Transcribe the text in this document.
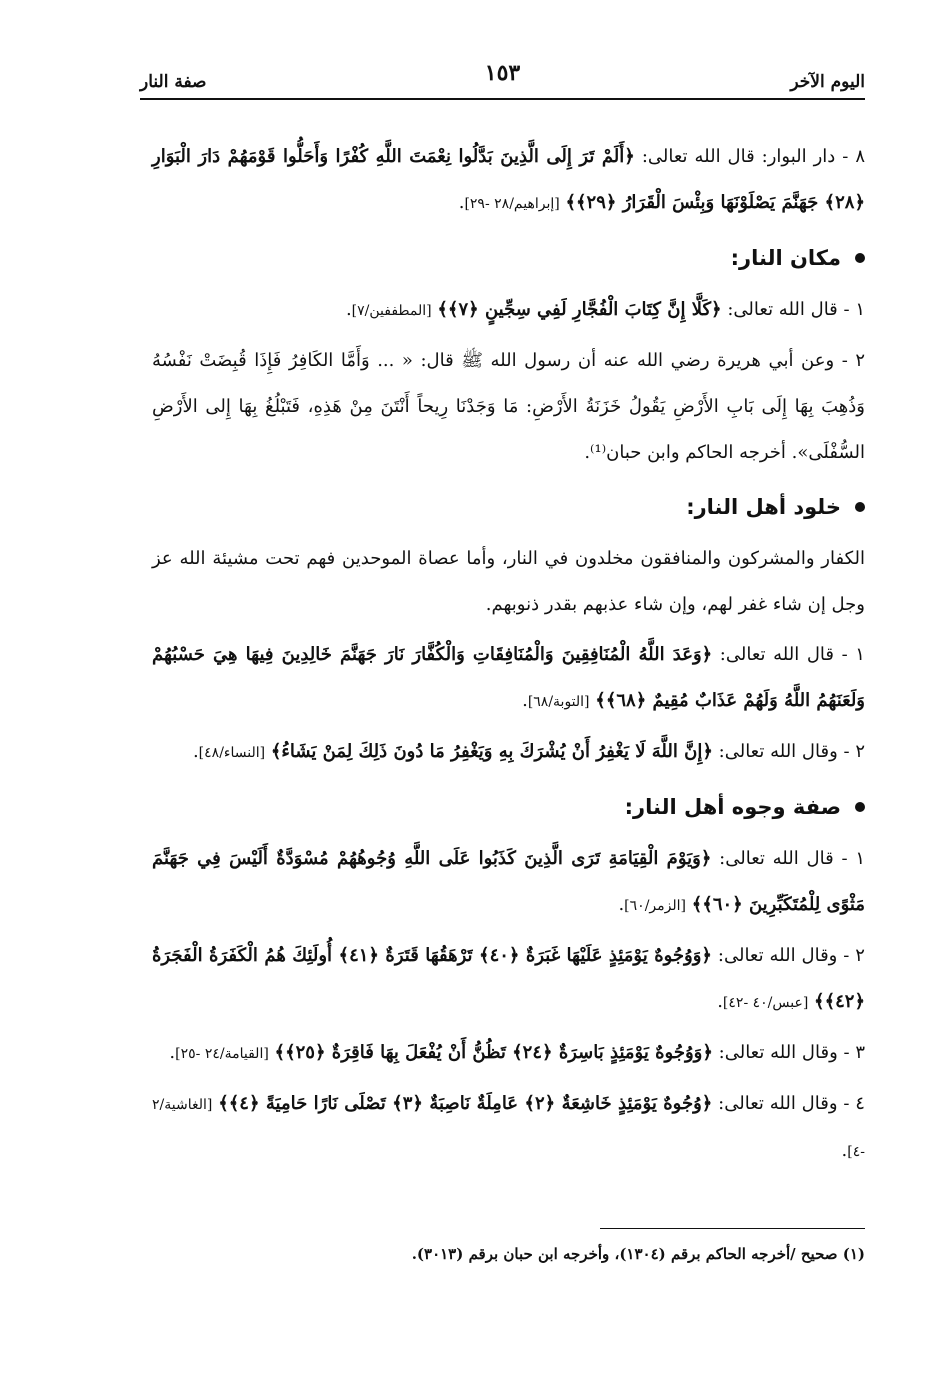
اليوم الآخر
١٥٣
صفة النار
٨ - دار البوار: قال الله تعالى: ﴿أَلَمْ تَرَ إِلَى الَّذِينَ بَدَّلُوا نِعْمَتَ اللَّهِ كُفْرًا وَأَحَلُّوا قَوْمَهُمْ دَارَ الْبَوَارِ ﴿٢٨﴾ جَهَنَّمَ يَصْلَوْنَهَا وَبِئْسَ الْقَرَارُ ﴿٢٩﴾﴾ [إبراهيم/٢٨ -٢٩].
مكان النار:
١ - قال الله تعالى: ﴿كَلَّا إِنَّ كِتَابَ الْفُجَّارِ لَفِي سِجِّينٍ ﴿٧﴾﴾ [المطففين/٧].
٢ - وعن أبي هريرة رضي الله عنه أن رسول الله ﷺ قال: « ... وَأَمَّا الكَافِرُ فَإِذَا قُبِضَتْ نَفْسُهُ وَذُهِبَ بِهَا إِلَى بَابِ الأَرْضِ يَقُولُ خَزَنَةُ الأَرْضِ: مَا وَجَدْنَا رِيحاً أَنْتَنَ مِنْ هَذِهِ، فَتَبْلُغُ بِهَا إِلى الأَرْضِ السُّفْلَى». أخرجه الحاكم وابن حبان⁽¹⁾.
خلود أهل النار:
الكفار والمشركون والمنافقون مخلدون في النار، وأما عصاة الموحدين فهم تحت مشيئة الله عز وجل إن شاء غفر لهم، وإن شاء عذبهم بقدر ذنوبهم.
١ - قال الله تعالى: ﴿وَعَدَ اللَّهُ الْمُنَافِقِينَ وَالْمُنَافِقَاتِ وَالْكُفَّارَ نَارَ جَهَنَّمَ خَالِدِينَ فِيهَا هِيَ حَسْبُهُمْ وَلَعَنَهُمُ اللَّهُ وَلَهُمْ عَذَابٌ مُقِيمٌ ﴿٦٨﴾﴾ [التوبة/٦٨].
٢ - وقال الله تعالى: ﴿إِنَّ اللَّهَ لَا يَغْفِرُ أَنْ يُشْرَكَ بِهِ وَيَغْفِرُ مَا دُونَ ذَلِكَ لِمَنْ يَشَاءُ﴾ [النساء/٤٨].
صفة وجوه أهل النار:
١ - قال الله تعالى: ﴿وَيَوْمَ الْقِيَامَةِ تَرَى الَّذِينَ كَذَبُوا عَلَى اللَّهِ وُجُوهُهُمْ مُسْوَدَّةٌ أَلَيْسَ فِي جَهَنَّمَ مَثْوًى لِلْمُتَكَبِّرِينَ ﴿٦٠﴾﴾ [الزمر/٦٠].
٢ - وقال الله تعالى: ﴿وَوُجُوهٌ يَوْمَئِذٍ عَلَيْهَا غَبَرَةٌ ﴿٤٠﴾ تَرْهَقُهَا قَتَرَةٌ ﴿٤١﴾ أُولَئِكَ هُمُ الْكَفَرَةُ الْفَجَرَةُ ﴿٤٢﴾﴾ [عبس/٤٠ -٤٢].
٣ - وقال الله تعالى: ﴿وَوُجُوهٌ يَوْمَئِذٍ بَاسِرَةٌ ﴿٢٤﴾ تَظُنُّ أَنْ يُفْعَلَ بِهَا فَاقِرَةٌ ﴿٢٥﴾﴾ [القيامة/٢٤ -٢٥].
٤ - وقال الله تعالى: ﴿وُجُوهٌ يَوْمَئِذٍ خَاشِعَةٌ ﴿٢﴾ عَامِلَةٌ نَاصِبَةٌ ﴿٣﴾ تَصْلَى نَارًا حَامِيَةً ﴿٤﴾﴾ [الغاشية/٢ -٤].
(١) صحيح /أخرجه الحاكم برقم (١٣٠٤)، وأخرجه ابن حبان برقم (٣٠١٣).
